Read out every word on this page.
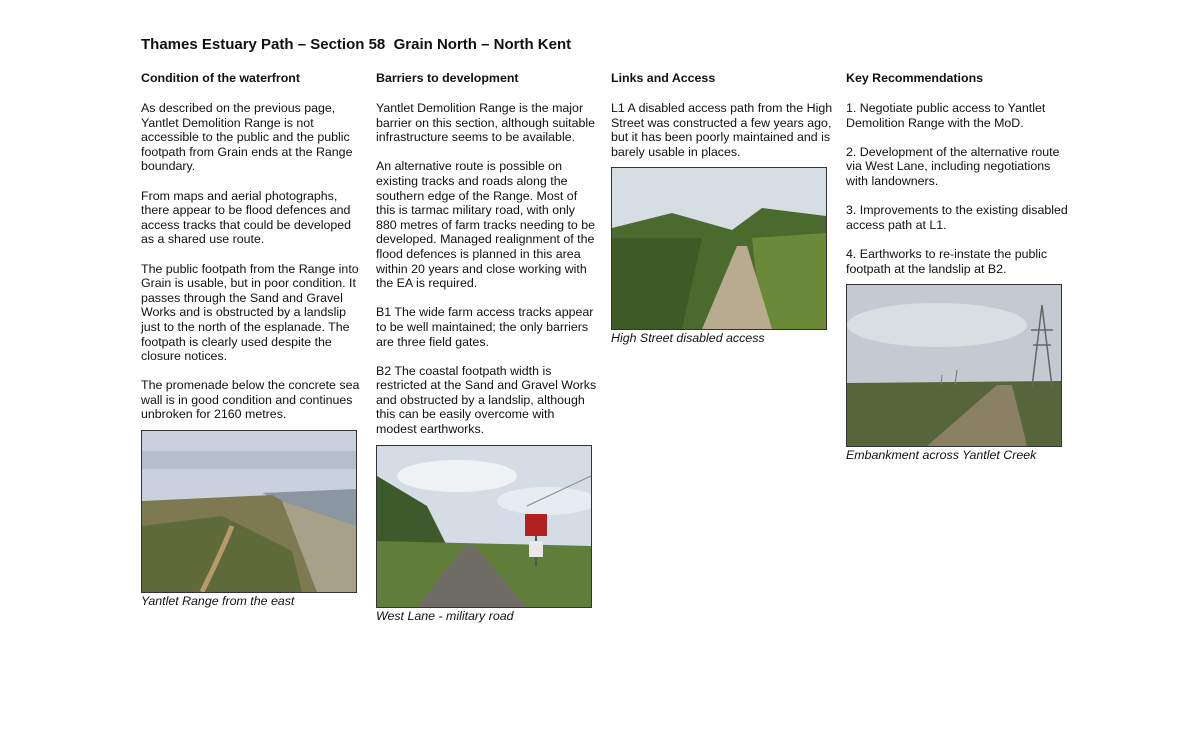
Thames Estuary Path – Section 58  Grain North – North Kent
Condition of the waterfront

As described on the previous page, Yantlet Demolition Range is not accessible to the public and the public footpath from Grain ends at the Range boundary.

From maps and aerial photographs, there appear to be flood defences and access tracks that could be developed as a shared use route.

The public footpath from the Range into Grain is usable, but in poor condition. It passes through the Sand and Gravel Works and is obstructed by a landslip just to the north of the esplanade. The footpath is clearly used despite the closure notices.

The promenade below the concrete sea wall is in good condition and continues unbroken for 2160 metres.

Yantlet Range from the east
Barriers to development

Yantlet Demolition Range is the major barrier on this section, although suitable infrastructure seems to be available.

An alternative route is possible on existing tracks and roads along the southern edge of the Range. Most of this is tarmac military road, with only 880 metres of farm tracks needing to be developed. Managed realignment of the flood defences is planned in this area within 20 years and close working with the EA is required.

B1 The wide farm access tracks appear to be well maintained; the only barriers are three field gates.

B2 The coastal footpath width is restricted at the Sand and Gravel Works and obstructed by a landslip, although this can be easily overcome with modest earthworks.

West Lane - military road
Links and Access

L1 A disabled access path from the High Street was constructed a few years ago, but it has been poorly maintained and is barely usable in places.

High Street disabled access
Key Recommendations

1. Negotiate public access to Yantlet Demolition Range with the MoD.

2. Development of the alternative route via West Lane, including negotiations with landowners.

3. Improvements to the existing disabled access path at L1.

4. Earthworks to re-instate the public footpath at the landslip at B2.

Embankment across Yantlet Creek
